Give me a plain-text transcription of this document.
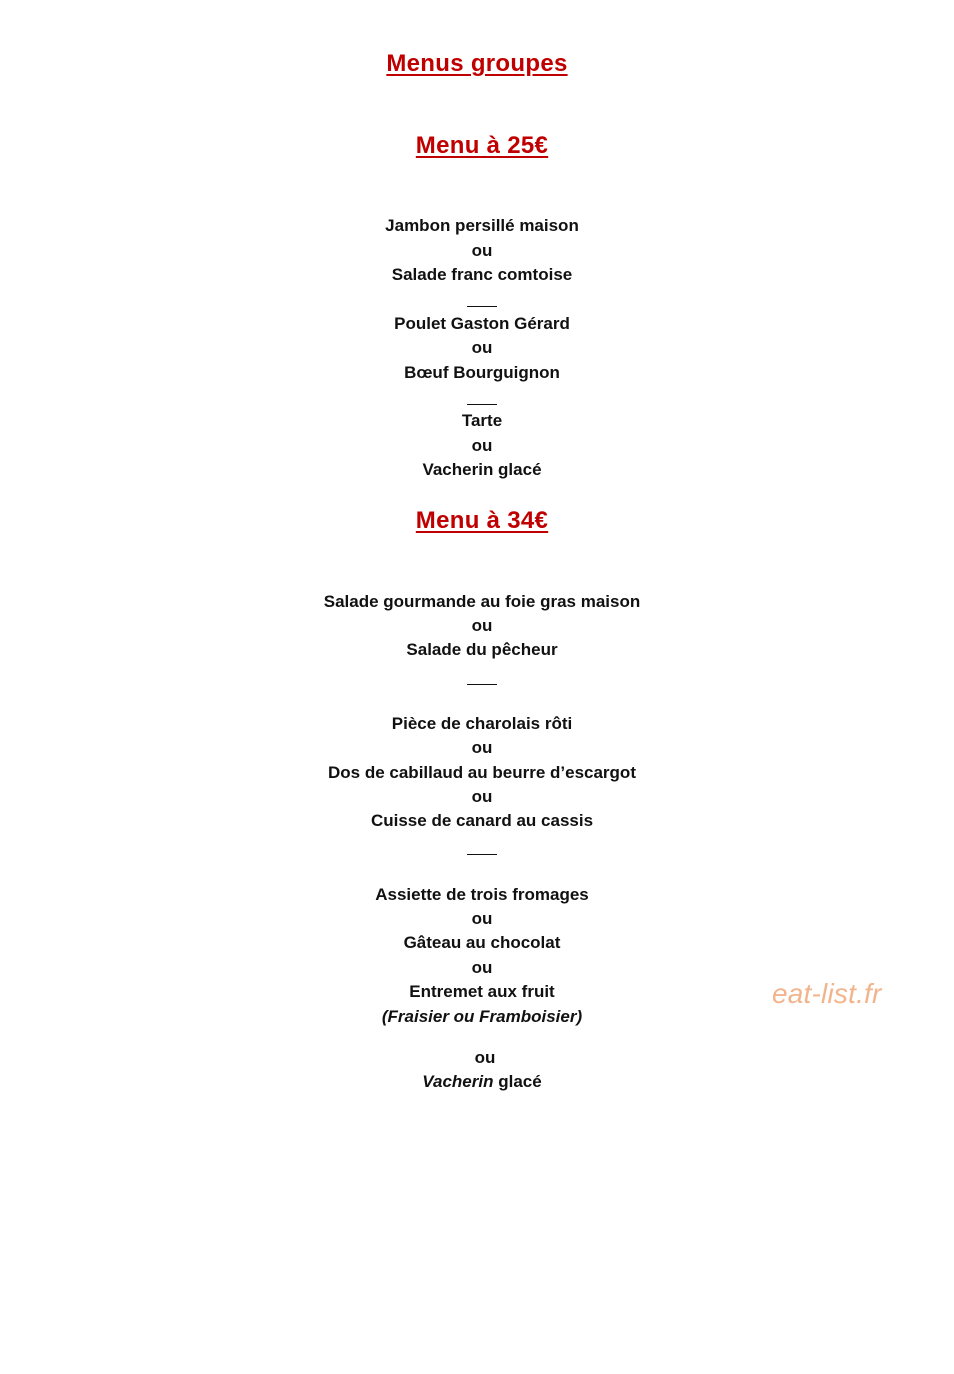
Menus groupes
Menu à 25€
Jambon persillé maison
ou
Salade franc comtoise
Poulet Gaston Gérard
ou
Bœuf Bourguignon
Tarte
ou
Vacherin glacé
Menu à 34€
Salade gourmande au foie gras maison
ou
Salade du pêcheur
Pièce de charolais rôti
ou
Dos de cabillaud au beurre d’escargot
ou
Cuisse de canard au cassis
Assiette de trois fromages
ou
Gâteau au chocolat
ou
Entremet aux fruit
(Fraisier ou Framboisier)
ou
Vacherin glacé
eat-list.fr
